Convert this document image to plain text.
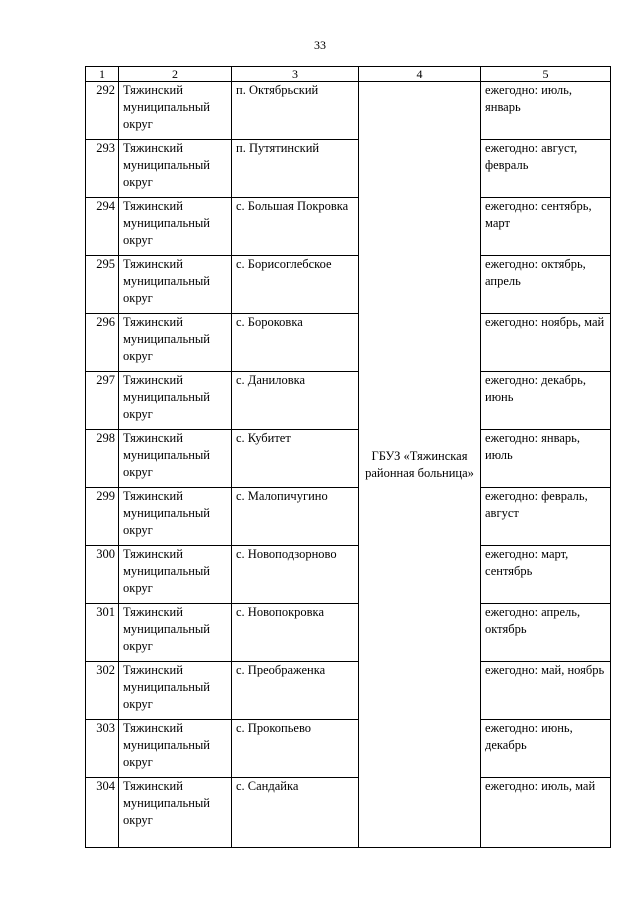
33
1	2	3	4	5
292	Тяжинский муниципальный округ	п. Октябрьский	ГБУЗ «Тяжинская районная больница»	ежегодно: июль, январь
293	Тяжинский муниципальный округ	п. Путятинский		ежегодно: август, февраль
294	Тяжинский муниципальный округ	с. Большая Покровка		ежегодно: сентябрь, март
295	Тяжинский муниципальный округ	с. Борисоглебское		ежегодно: октябрь, апрель
296	Тяжинский муниципальный округ	с. Бороковка		ежегодно: ноябрь, май
297	Тяжинский муниципальный округ	с. Даниловка		ежегодно: декабрь, июнь
298	Тяжинский муниципальный округ	с. Кубитет		ежегодно: январь, июль
299	Тяжинский муниципальный округ	с. Малопичугино		ежегодно: февраль, август
300	Тяжинский муниципальный округ	с. Новоподзорново		ежегодно: март, сентябрь
301	Тяжинский муниципальный округ	с. Новопокровка		ежегодно: апрель, октябрь
302	Тяжинский муниципальный округ	с. Преображенка		ежегодно: май, ноябрь
303	Тяжинский муниципальный округ	с. Прокопьево		ежегодно: июнь, декабрь
304	Тяжинский муниципальный округ	с. Сандайка		ежегодно: июль, май
